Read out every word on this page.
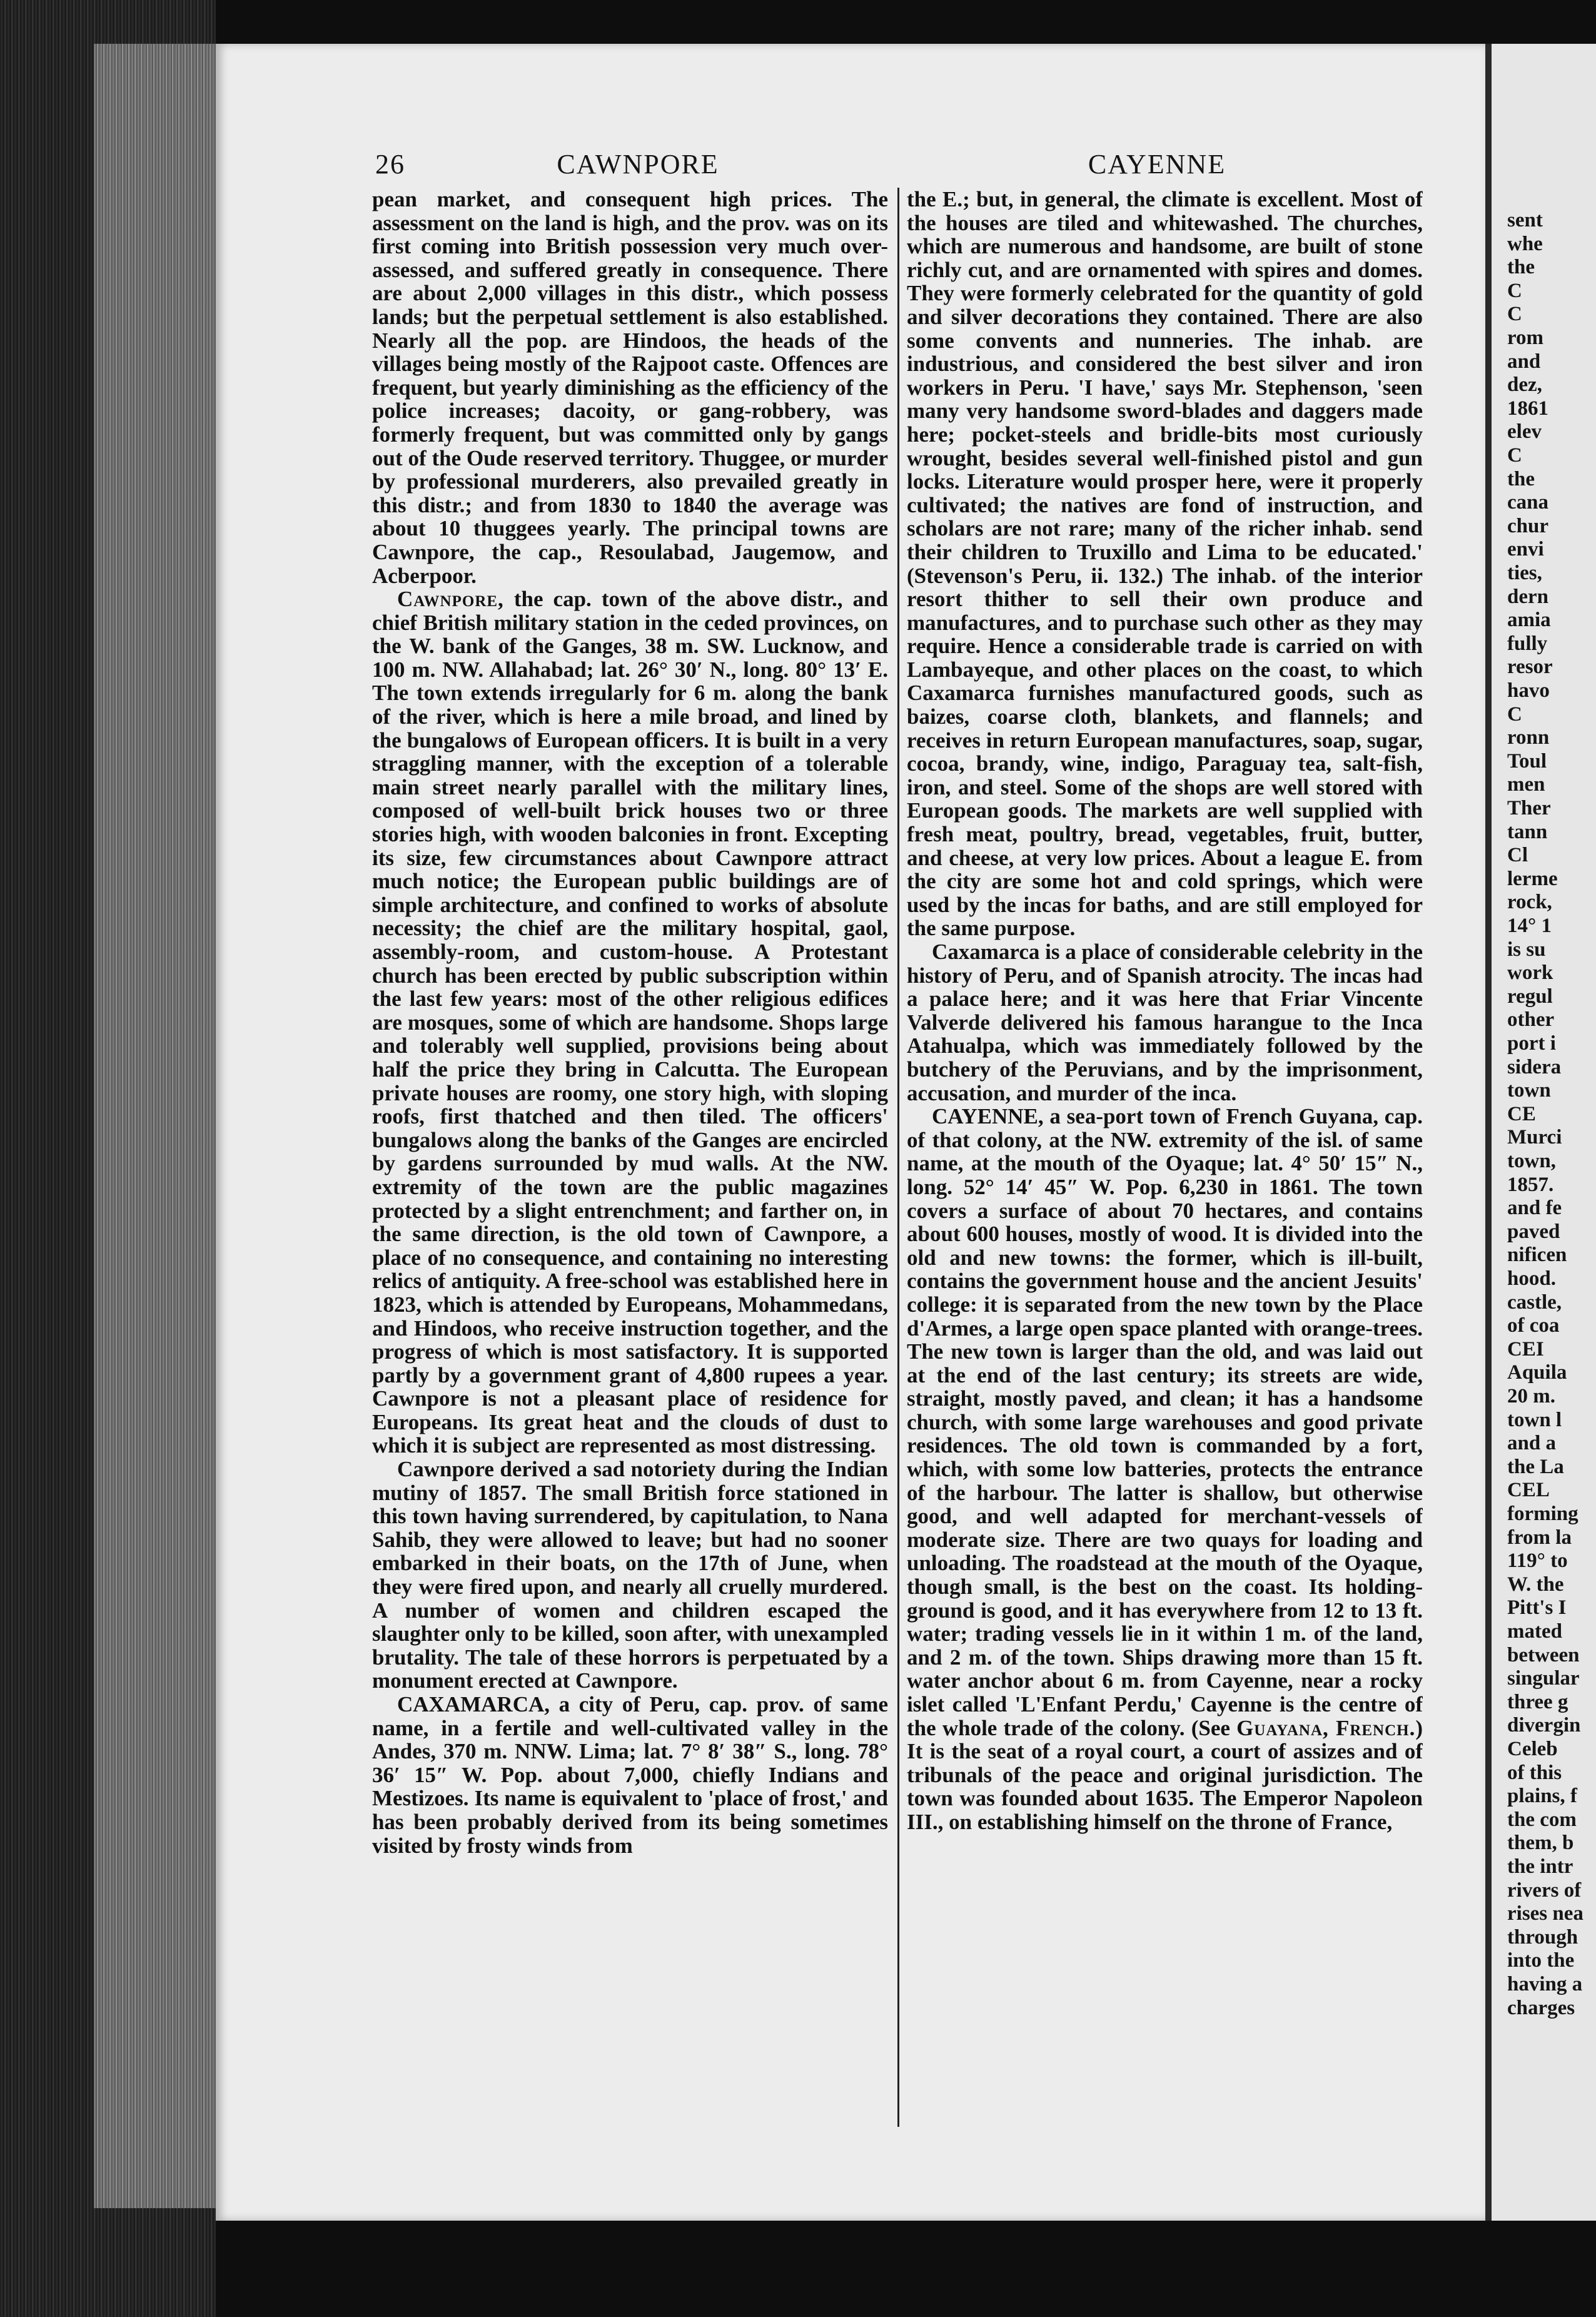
sent
whe
the
C
C
rom
and
dez,
1861
elev
C
the
cana
chur
envi
ties,
dern
amia
fully
resor
havo
C
ronn
Toul
men
Ther
tann
Cl
lerme
rock,
14° 1
is su
work
regul
other
port i
sidera
town
CE
Murci
town,
1857.
and fe
paved
nificen
hood.
castle,
of coa
CEI
Aquila
20 m.
town l
and a
the La
CEL
forming
from la
119° to
W. the
Pitt's I
mated
between
singular
three g
divergin
Celeb
of this
plains, f
the com
them, b
the intr
rivers of
rises nea
through
into the
having a
charges
26	CAWNPORE	CAYENNE

pean market, and consequent high prices. The assessment on the land is high, and the prov. was on its first coming into British possession very much over-assessed, and suffered greatly in consequence. There are about 2,000 villages in this distr., which possess lands; but the perpetual settlement is also established. Nearly all the pop. are Hindoos, the heads of the villages being mostly of the Rajpoot caste. Offences are frequent, but yearly diminishing as the efficiency of the police increases; dacoity, or gang-robbery, was formerly frequent, but was committed only by gangs out of the Oude reserved territory. Thuggee, or murder by professional murderers, also prevailed greatly in this distr.; and from 1830 to 1840 the average was about 10 thuggees yearly. The principal towns are Cawnpore, the cap., Resoulabad, Jaugemow, and Acberpoor.

Cawnpore, the cap. town of the above distr., and chief British military station in the ceded provinces, on the W. bank of the Ganges, 38 m. SW. Lucknow, and 100 m. NW. Allahabad; lat. 26° 30′ N., long. 80° 13′ E. The town extends irregularly for 6 m. along the bank of the river, which is here a mile broad, and lined by the bungalows of European officers. It is built in a very straggling manner, with the exception of a tolerable main street nearly parallel with the military lines, composed of well-built brick houses two or three stories high, with wooden balconies in front. Excepting its size, few circumstances about Cawnpore attract much notice; the European public buildings are of simple architecture, and confined to works of absolute necessity; the chief are the military hospital, gaol, assembly-room, and custom-house. A Protestant church has been erected by public subscription within the last few years: most of the other religious edifices are mosques, some of which are handsome. Shops large and tolerably well supplied, provisions being about half the price they bring in Calcutta. The European private houses are roomy, one story high, with sloping roofs, first thatched and then tiled. The officers' bungalows along the banks of the Ganges are encircled by gardens surrounded by mud walls. At the NW. extremity of the town are the public magazines protected by a slight entrenchment; and farther on, in the same direction, is the old town of Cawnpore, a place of no consequence, and containing no interesting relics of antiquity. A free-school was established here in 1823, which is attended by Europeans, Mohammedans, and Hindoos, who receive instruction together, and the progress of which is most satisfactory. It is supported partly by a government grant of 4,800 rupees a year. Cawnpore is not a pleasant place of residence for Europeans. Its great heat and the clouds of dust to which it is subject are represented as most distressing.

Cawnpore derived a sad notoriety during the Indian mutiny of 1857. The small British force stationed in this town having surrendered, by capitulation, to Nana Sahib, they were allowed to leave; but had no sooner embarked in their boats, on the 17th of June, when they were fired upon, and nearly all cruelly murdered. A number of women and children escaped the slaughter only to be killed, soon after, with unexampled brutality. The tale of these horrors is perpetuated by a monument erected at Cawnpore.

CAXAMARCA, a city of Peru, cap. prov. of same name, in a fertile and well-cultivated valley in the Andes, 370 m. NNW. Lima; lat. 7° 8′ 38″ S., long. 78° 36′ 15″ W. Pop. about 7,000, chiefly Indians and Mestizoes. Its name is equivalent to 'place of frost,' and has been probably derived from its being sometimes visited by frosty winds from

the E.; but, in general, the climate is excellent. Most of the houses are tiled and whitewashed. The churches, which are numerous and handsome, are built of stone richly cut, and are ornamented with spires and domes. They were formerly celebrated for the quantity of gold and silver decorations they contained. There are also some convents and nunneries. The inhab. are industrious, and considered the best silver and iron workers in Peru. 'I have,' says Mr. Stephenson, 'seen many very handsome sword-blades and daggers made here; pocket-steels and bridle-bits most curiously wrought, besides several well-finished pistol and gun locks. Literature would prosper here, were it properly cultivated; the natives are fond of instruction, and scholars are not rare; many of the richer inhab. send their children to Truxillo and Lima to be educated.' (Stevenson's Peru, ii. 132.) The inhab. of the interior resort thither to sell their own produce and manufactures, and to purchase such other as they may require. Hence a considerable trade is carried on with Lambayeque, and other places on the coast, to which Caxamarca furnishes manufactured goods, such as baizes, coarse cloth, blankets, and flannels; and receives in return European manufactures, soap, sugar, cocoa, brandy, wine, indigo, Paraguay tea, salt-fish, iron, and steel. Some of the shops are well stored with European goods. The markets are well supplied with fresh meat, poultry, bread, vegetables, fruit, butter, and cheese, at very low prices. About a league E. from the city are some hot and cold springs, which were used by the incas for baths, and are still employed for the same purpose.

Caxamarca is a place of considerable celebrity in the history of Peru, and of Spanish atrocity. The incas had a palace here; and it was here that Friar Vincente Valverde delivered his famous harangue to the Inca Atahualpa, which was immediately followed by the butchery of the Peruvians, and by the imprisonment, accusation, and murder of the inca.

CAYENNE, a sea-port town of French Guyana, cap. of that colony, at the NW. extremity of the isl. of same name, at the mouth of the Oyaque; lat. 4° 50′ 15″ N., long. 52° 14′ 45″ W. Pop. 6,230 in 1861. The town covers a surface of about 70 hectares, and contains about 600 houses, mostly of wood. It is divided into the old and new towns: the former, which is ill-built, contains the government house and the ancient Jesuits' college: it is separated from the new town by the Place d'Armes, a large open space planted with orange-trees. The new town is larger than the old, and was laid out at the end of the last century; its streets are wide, straight, mostly paved, and clean; it has a handsome church, with some large warehouses and good private residences. The old town is commanded by a fort, which, with some low batteries, protects the entrance of the harbour. The latter is shallow, but otherwise good, and well adapted for merchant-vessels of moderate size. There are two quays for loading and unloading. The roadstead at the mouth of the Oyaque, though small, is the best on the coast. Its holding-ground is good, and it has everywhere from 12 to 13 ft. water; trading vessels lie in it within 1 m. of the land, and 2 m. of the town. Ships drawing more than 15 ft. water anchor about 6 m. from Cayenne, near a rocky islet called 'L'Enfant Perdu,' Cayenne is the centre of the whole trade of the colony. (See Guayana, French.) It is the seat of a royal court, a court of assizes and of tribunals of the peace and original jurisdiction. The town was founded about 1635. The Emperor Napoleon III., on establishing himself on the throne of France,
